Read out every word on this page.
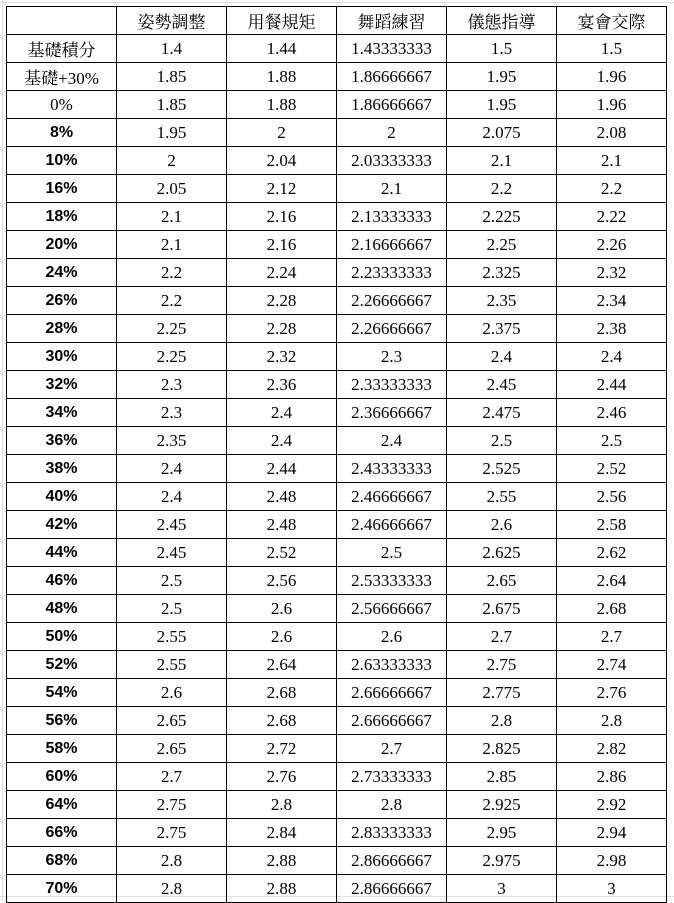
	姿勢調整	用餐規矩	舞蹈練習	儀態指導	宴會交際
基礎積分	1.4	1.44	1.43333333	1.5	1.5
基礎+30%	1.85	1.88	1.86666667	1.95	1.96
0%	1.85	1.88	1.86666667	1.95	1.96
8%	1.95	2	2	2.075	2.08
10%	2	2.04	2.03333333	2.1	2.1
16%	2.05	2.12	2.1	2.2	2.2
18%	2.1	2.16	2.13333333	2.225	2.22
20%	2.1	2.16	2.16666667	2.25	2.26
24%	2.2	2.24	2.23333333	2.325	2.32
26%	2.2	2.28	2.26666667	2.35	2.34
28%	2.25	2.28	2.26666667	2.375	2.38
30%	2.25	2.32	2.3	2.4	2.4
32%	2.3	2.36	2.33333333	2.45	2.44
34%	2.3	2.4	2.36666667	2.475	2.46
36%	2.35	2.4	2.4	2.5	2.5
38%	2.4	2.44	2.43333333	2.525	2.52
40%	2.4	2.48	2.46666667	2.55	2.56
42%	2.45	2.48	2.46666667	2.6	2.58
44%	2.45	2.52	2.5	2.625	2.62
46%	2.5	2.56	2.53333333	2.65	2.64
48%	2.5	2.6	2.56666667	2.675	2.68
50%	2.55	2.6	2.6	2.7	2.7
52%	2.55	2.64	2.63333333	2.75	2.74
54%	2.6	2.68	2.66666667	2.775	2.76
56%	2.65	2.68	2.66666667	2.8	2.8
58%	2.65	2.72	2.7	2.825	2.82
60%	2.7	2.76	2.73333333	2.85	2.86
64%	2.75	2.8	2.8	2.925	2.92
66%	2.75	2.84	2.83333333	2.95	2.94
68%	2.8	2.88	2.86666667	2.975	2.98
70%	2.8	2.88	2.86666667	3	3
